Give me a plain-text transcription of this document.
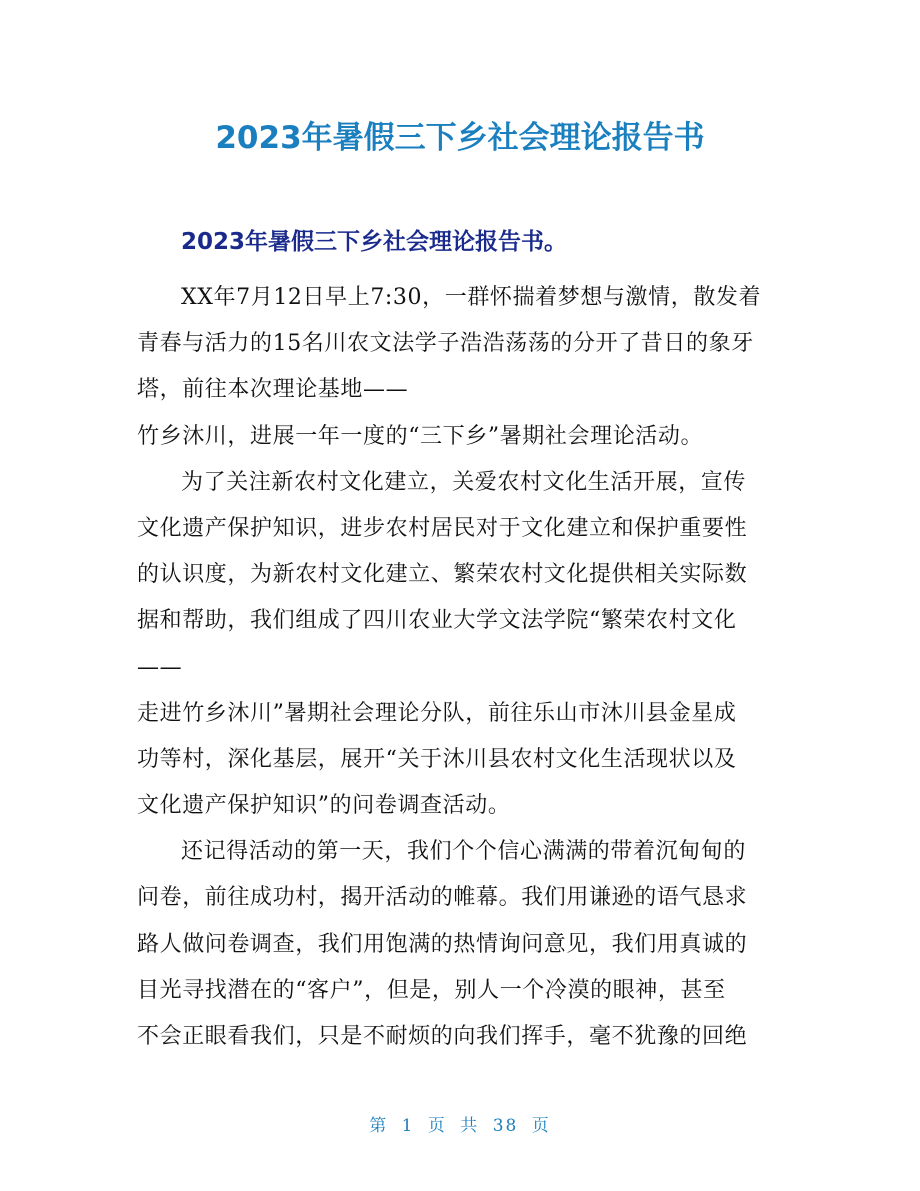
2023年暑假三下乡社会理论报告书
2023年暑假三下乡社会理论报告书。
XX年7月12日早上7:30，一群怀揣着梦想与激情，散发着
青春与活力的15名川农文法学子浩浩荡荡的分开了昔日的象牙
塔，前往本次理论基地——
竹乡沐川，进展一年一度的“三下乡”暑期社会理论活动。
为了关注新农村文化建立，关爱农村文化生活开展，宣传
文化遗产保护知识，进步农村居民对于文化建立和保护重要性
的认识度，为新农村文化建立、繁荣农村文化提供相关实际数
据和帮助，我们组成了四川农业大学文法学院“繁荣农村文化
——
走进竹乡沐川”暑期社会理论分队，前往乐山市沐川县金星成
功等村，深化基层，展开“关于沐川县农村文化生活现状以及
文化遗产保护知识”的问卷调查活动。
还记得活动的第一天，我们个个信心满满的带着沉甸甸的
问卷，前往成功村，揭开活动的帷幕。我们用谦逊的语气恳求
路人做问卷调查，我们用饱满的热情询问意见，我们用真诚的
目光寻找潜在的“客户”，但是，别人一个冷漠的眼神，甚至
不会正眼看我们，只是不耐烦的向我们挥手，毫不犹豫的回绝
第 1 页 共 38 页
